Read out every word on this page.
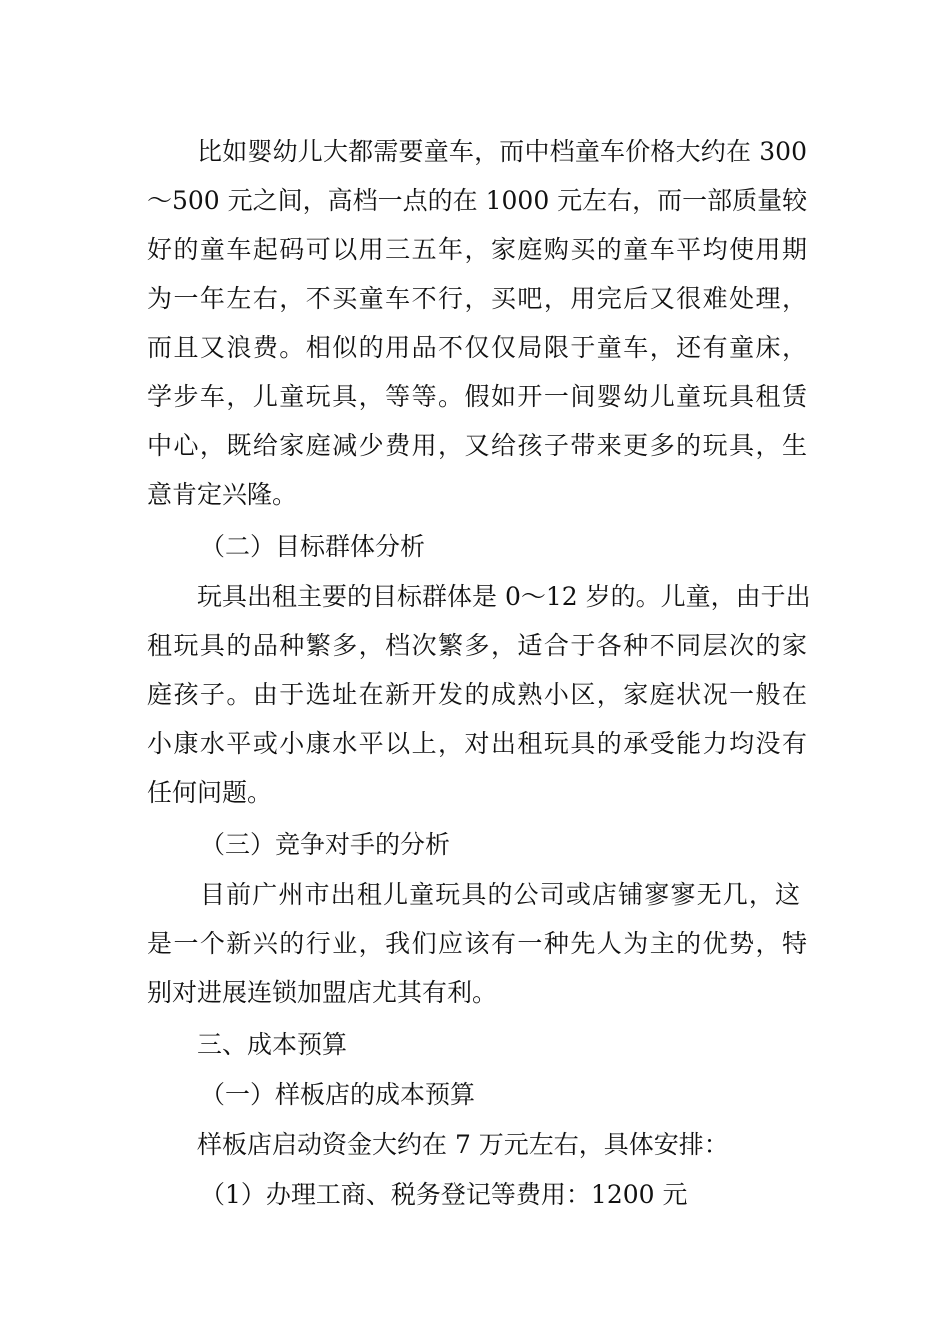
比如婴幼儿大都需要童车，而中档童车价格大约在 300
～500 元之间，高档一点的在 1000 元左右，而一部质量较
好的童车起码可以用三五年，家庭购买的童车平均使用期
为一年左右，不买童车不行，买吧，用完后又很难处理，
而且又浪费。相似的用品不仅仅局限于童车，还有童床，
学步车，儿童玩具，等等。假如开一间婴幼儿童玩具租赁
中心，既给家庭减少费用，又给孩子带来更多的玩具，生
意肯定兴隆。
（二）目标群体分析
玩具出租主要的目标群体是 0～12 岁的。儿童，由于出
租玩具的品种繁多，档次繁多，适合于各种不同层次的家
庭孩子。由于选址在新开发的成熟小区，家庭状况一般在
小康水平或小康水平以上，对出租玩具的承受能力均没有
任何问题。
（三）竞争对手的分析
目前广州市出租儿童玩具的公司或店铺寥寥无几，这
是一个新兴的行业，我们应该有一种先人为主的优势，特
别对进展连锁加盟店尤其有利。
三、成本预算
（一）样板店的成本预算
样板店启动资金大约在 7 万元左右，具体安排：
（1）办理工商、税务登记等费用：1200 元
